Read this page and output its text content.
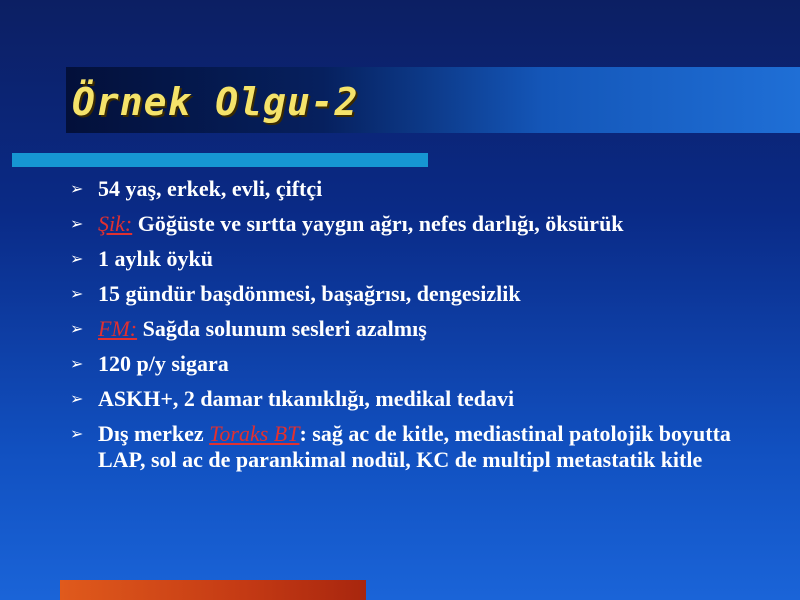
Örnek Olgu-2
➢ 54 yaş, erkek, evli, çiftçi
➢ Şik: Göğüste ve sırtta yaygın ağrı, nefes darlığı, öksürük
➢ 1 aylık öykü
➢ 15 gündür başdönmesi, başağrısı, dengesizlik
➢ FM: Sağda solunum sesleri azalmış
➢ 120 p/y sigara
➢ ASKH+, 2 damar tıkanıklığı, medikal tedavi
➢ Dış merkez Toraks BT: sağ ac de kitle, mediastinal patolojik boyutta LAP, sol ac de parankimal nodül, KC de multipl metastatik kitle
